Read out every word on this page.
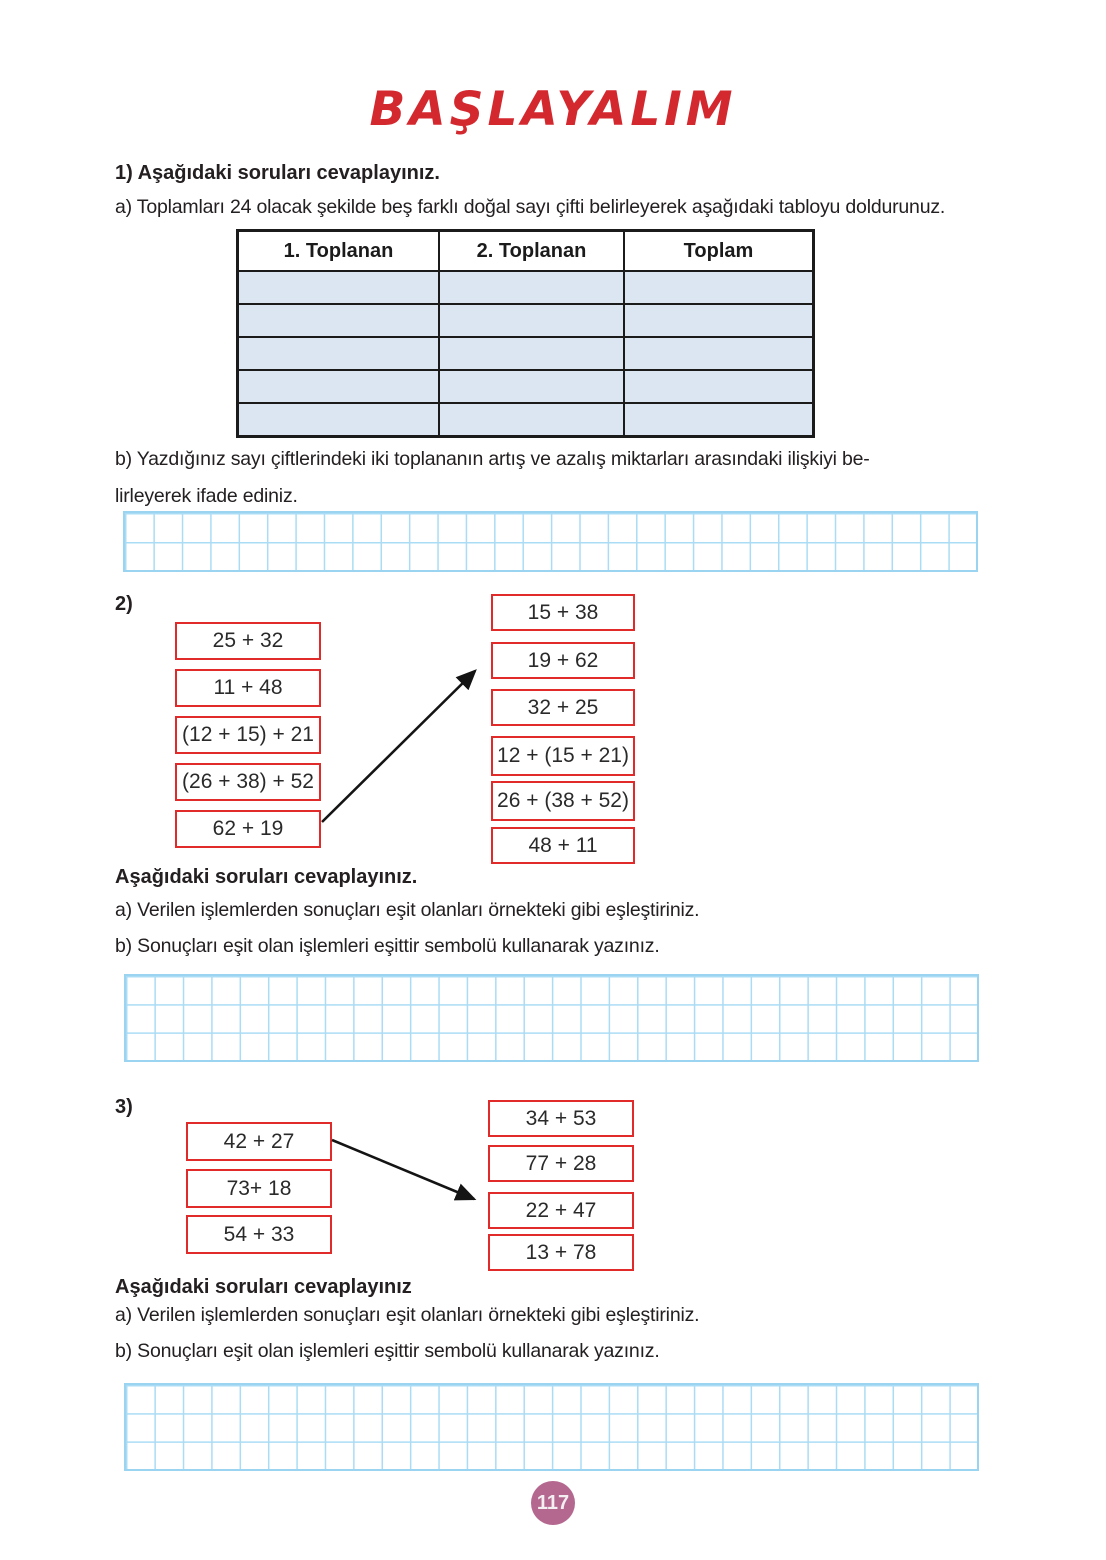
BAŞLAYALIM
1) Aşağıdaki soruları cevaplayınız.
a) Toplamları 24 olacak şekilde beş farklı doğal sayı çifti belirleyerek aşağıdaki tabloyu doldurunuz.
1. Toplanan	2. Toplanan	Toplam

b) Yazdığınız sayı çiftlerindeki iki toplananın artış ve azalış miktarları arasındaki ilişkiyi be-
lirleyerek ifade ediniz.
2)
25 + 32
11 + 48
(12 + 15) + 21
(26 + 38) + 52
62 + 19
15 + 38
19 + 62
32 + 25
12 + (15 + 21)
26 + (38 + 52)
48 + 11
Aşağıdaki soruları cevaplayınız.
a) Verilen işlemlerden sonuçları eşit olanları örnekteki gibi eşleştiriniz.
b) Sonuçları eşit olan işlemleri eşittir sembolü kullanarak yazınız.
3)
42 + 27
73+ 18
54 + 33
34 + 53
77 + 28
22 + 47
13 + 78
Aşağıdaki soruları cevaplayınız
a) Verilen işlemlerden sonuçları eşit olanları örnekteki gibi eşleştiriniz.
b) Sonuçları eşit olan işlemleri eşittir sembolü kullanarak yazınız.
117
